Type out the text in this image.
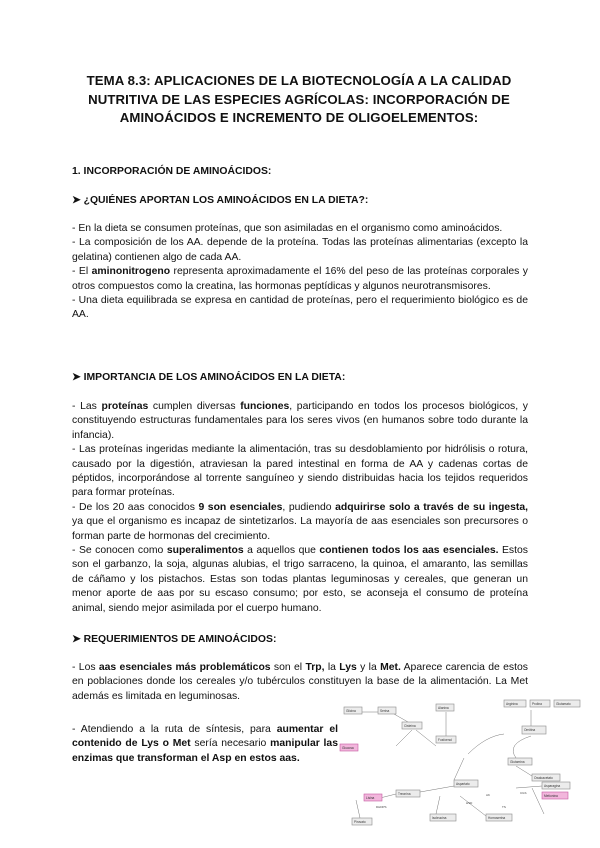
TEMA 8.3: APLICACIONES DE LA BIOTECNOLOGÍA A LA CALIDAD NUTRITIVA DE LAS ESPECIES AGRÍCOLAS: INCORPORACIÓN DE AMINOÁCIDOS E INCREMENTO DE OLIGOELEMENTOS:
1. INCORPORACIÓN DE AMINOÁCIDOS:
➤ ¿QUIÉNES APORTAN LOS AMINOÁCIDOS EN LA DIETA?:

- En la dieta se consumen proteínas, que son asimiladas en el organismo como aminoácidos.

- La composición de los AA. depende de la proteína. Todas las proteínas alimentarias (excepto la gelatina) contienen algo de cada AA.

- El aminonitrogeno representa aproximadamente el 16% del peso de las proteínas corporales y otros compuestos como la creatina, las hormonas peptídicas y algunos neurotransmisores.

- Una dieta equilibrada se expresa en cantidad de proteínas, pero el requerimiento biológico es de AA.

➤ IMPORTANCIA DE LOS AMINOÁCIDOS EN LA DIETA:

- Las proteínas cumplen diversas funciones, participando en todos los procesos biológicos, y constituyendo estructuras fundamentales para los seres vivos (en humanos sobre todo durante la infancia).

- Las proteínas ingeridas mediante la alimentación, tras su desdoblamiento por hidrólisis o rotura, causado por la digestión, atraviesan la pared intestinal en forma de AA y cadenas cortas de péptidos, incorporándose al torrente sanguíneo y siendo distribuidas hacia los tejidos requeridos para formar proteínas.

- De los 20 aas conocidos 9 son esenciales, pudiendo adquirirse solo a través de su ingesta, ya que el organismo es incapaz de sintetizarlos. La mayoría de aas esenciales son precursores o forman parte de hormonas del crecimiento.

- Se conocen como superalimentos a aquellos que contienen todos los aas esenciales. Estos son el garbanzo, la soja, algunas alubias, el trigo sarraceno, la quinoa, el amaranto, las semillas de cáñamo y los pistachos. Estas son todas plantas leguminosas y cereales, que generan un menor aporte de aas por su escaso consumo; por esto, se aconseja el consumo de proteína animal, siendo mejor asimilada por el cuerpo humano.

➤ REQUERIMIENTOS DE AMINOÁCIDOS:

- Los aas esenciales más problemáticos son el Trp, la Lys y la Met. Aparece carencia de estos en poblaciones donde los cereales y/o tubérculos constituyen la base de la alimentación. La Met además es limitada en leguminosas.

- Atendiendo a la ruta de síntesis, para aumentar el contenido de Lys o Met sería necesario manipular las enzimas que transforman el Asp en estos aas.

Glicina	Serina
Cisteína
Alanina
Fosfoenol
Glucosa
Arginina	Prolina	Glutamato
Ornitina
Glutamina
Oxaloacetato
Asparagina
Aspartato
Treonina
Lisina	Metionina
Isoleucina	Homoserina
Piruvato
AK
HSD
DHDPS
CGS
TS
